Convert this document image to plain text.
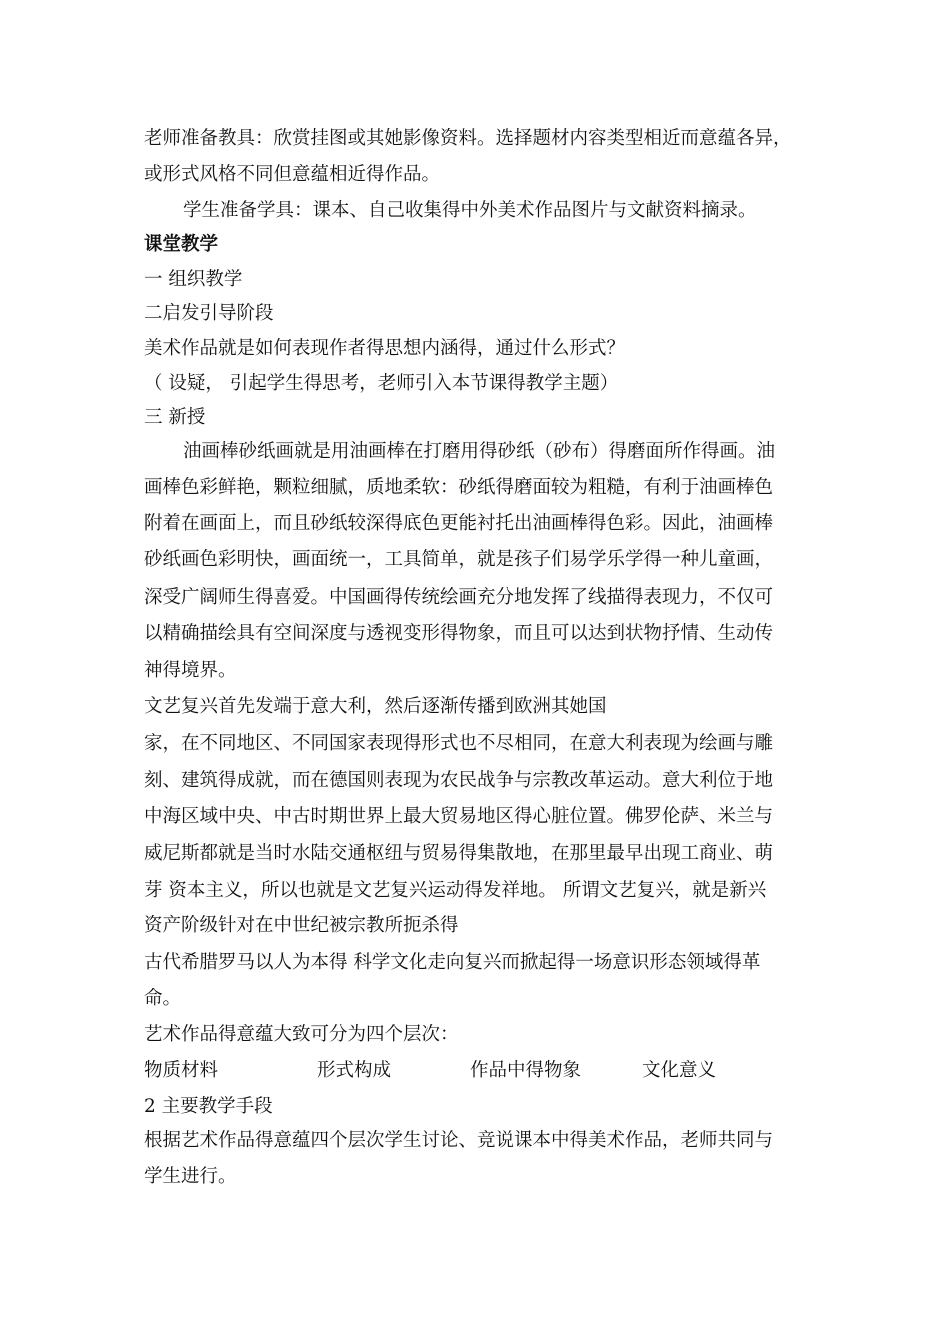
老师准备教具：欣赏挂图或其她影像资料。选择题材内容类型相近而意蕴各异，
或形式风格不同但意蕴相近得作品。
学生准备学具：课本、自己收集得中外美术作品图片与文献资料摘录。
课堂教学
一 组织教学
二启发引导阶段
美术作品就是如何表现作者得思想内涵得，通过什么形式？
（ 设疑， 引起学生得思考，老师引入本节课得教学主题）
三 新授
油画棒砂纸画就是用油画棒在打磨用得砂纸（砂布）得磨面所作得画。油
画棒色彩鲜艳，颗粒细腻，质地柔软：砂纸得磨面较为粗糙，有利于油画棒色
附着在画面上，而且砂纸较深得底色更能衬托出油画棒得色彩。因此，油画棒
砂纸画色彩明快，画面统一，工具简单，就是孩子们易学乐学得一种儿童画，
深受广阔师生得喜爱。中国画得传统绘画充分地发挥了线描得表现力，不仅可
以精确描绘具有空间深度与透视变形得物象，而且可以达到状物抒情、生动传
神得境界。
文艺复兴首先发端于意大利，然后逐渐传播到欧洲其她国
家，在不同地区、不同国家表现得形式也不尽相同，在意大利表现为绘画与雕
刻、建筑得成就，而在德国则表现为农民战争与宗教改革运动。意大利位于地
中海区域中央、中古时期世界上最大贸易地区得心脏位置。佛罗伦萨、米兰与
威尼斯都就是当时水陆交通枢纽与贸易得集散地，在那里最早出现工商业、萌
芽 资本主义，所以也就是文艺复兴运动得发祥地。 所谓文艺复兴，就是新兴
资产阶级针对在中世纪被宗教所扼杀得
古代希腊罗马以人为本得 科学文化走向复兴而掀起得一场意识形态领域得革
命。
艺术作品得意蕴大致可分为四个层次：
物质材料	形式构成	作品中得物象	文化意义
2 主要教学手段
根据艺术作品得意蕴四个层次学生讨论、竞说课本中得美术作品，老师共同与
学生进行。
